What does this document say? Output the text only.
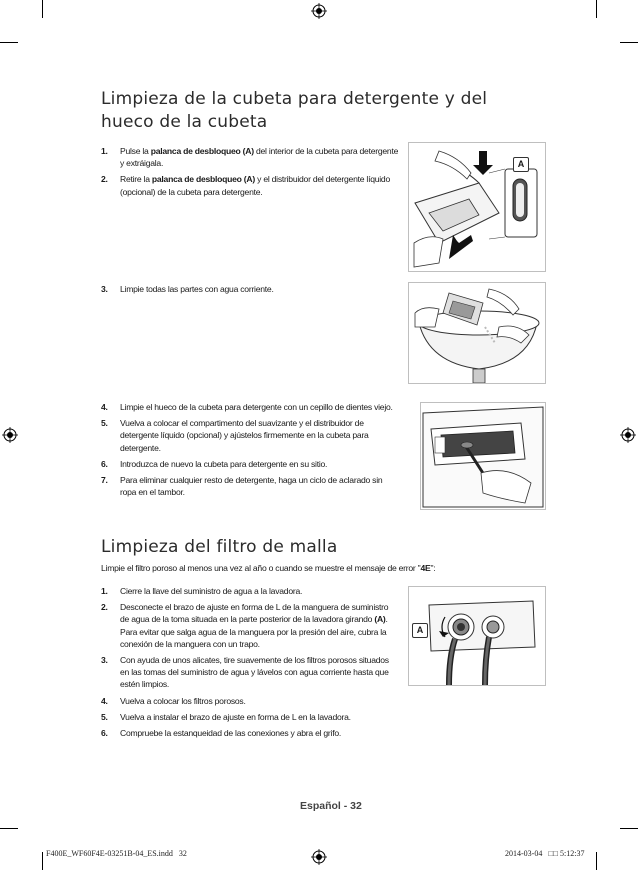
Limpieza de la cubeta para detergente y del hueco de la cubeta
1. Pulse la palanca de desbloqueo (A) del interior de la cubeta para detergente y extráigala.
2. Retire la palanca de desbloqueo (A) y el distribuidor del detergente líquido (opcional) de la cubeta para detergente.
3. Limpie todas las partes con agua corriente.
4. Limpie el hueco de la cubeta para detergente con un cepillo de dientes viejo.
5. Vuelva a colocar el compartimento del suavizante y el distribuidor de detergente líquido (opcional) y ajústelos firmemente en la cubeta para detergente.
6. Introduzca de nuevo la cubeta para detergente en su sitio.
7. Para eliminar cualquier resto de detergente, haga un ciclo de aclarado sin ropa en el tambor.
A
Limpieza del filtro de malla
Limpie el filtro poroso al menos una vez al año o cuando se muestre el mensaje de error "4E":
1. Cierre la llave del suministro de agua a la lavadora.
2. Desconecte el brazo de ajuste en forma de L de la manguera de suministro de agua de la toma situada en la parte posterior de la lavadora girando (A). Para evitar que salga agua de la manguera por la presión del aire, cubra la conexión de la manguera con un trapo.
3. Con ayuda de unos alicates, tire suavemente de los filtros porosos situados en las tomas del suministro de agua y lávelos con agua corriente hasta que estén limpios.
4. Vuelva a colocar los filtros porosos.
5. Vuelva a instalar el brazo de ajuste en forma de L en la lavadora.
6. Compruebe la estanqueidad de las conexiones y abra el grifo.
A
Español - 32
F400E_WF60F4E-03251B-04_ES.indd   32	2014-03-04   □□ 5:12:37
